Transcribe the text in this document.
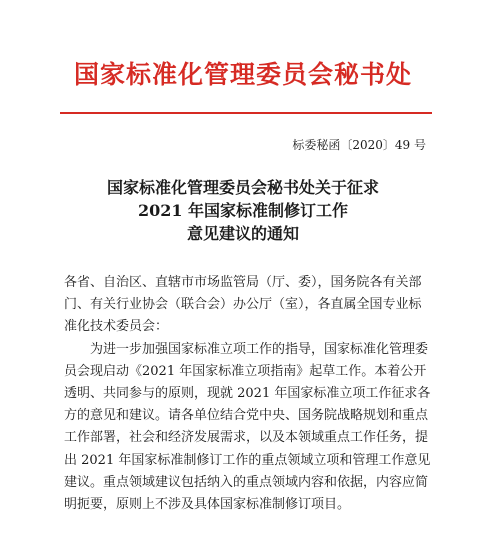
国家标准化管理委员会秘书处
标委秘函〔2020〕49 号
国家标准化管理委员会秘书处关于征求
2021 年国家标准制修订工作
意见建议的通知
各省、自治区、直辖市市场监管局（厅、委），国务院各有关部
门、有关行业协会（联合会）办公厅（室），各直属全国专业标
准化技术委员会：
为进一步加强国家标准立项工作的指导，国家标准化管理委
员会现启动《2021 年国家标准立项指南》起草工作。本着公开
透明、共同参与的原则，现就 2021 年国家标准立项工作征求各
方的意见和建议。请各单位结合党中央、国务院战略规划和重点
工作部署，社会和经济发展需求，以及本领域重点工作任务，提
出 2021 年国家标准制修订工作的重点领域立项和管理工作意见
建议。重点领域建议包括纳入的重点领域内容和依据，内容应简
明扼要，原则上不涉及具体国家标准制修订项目。
